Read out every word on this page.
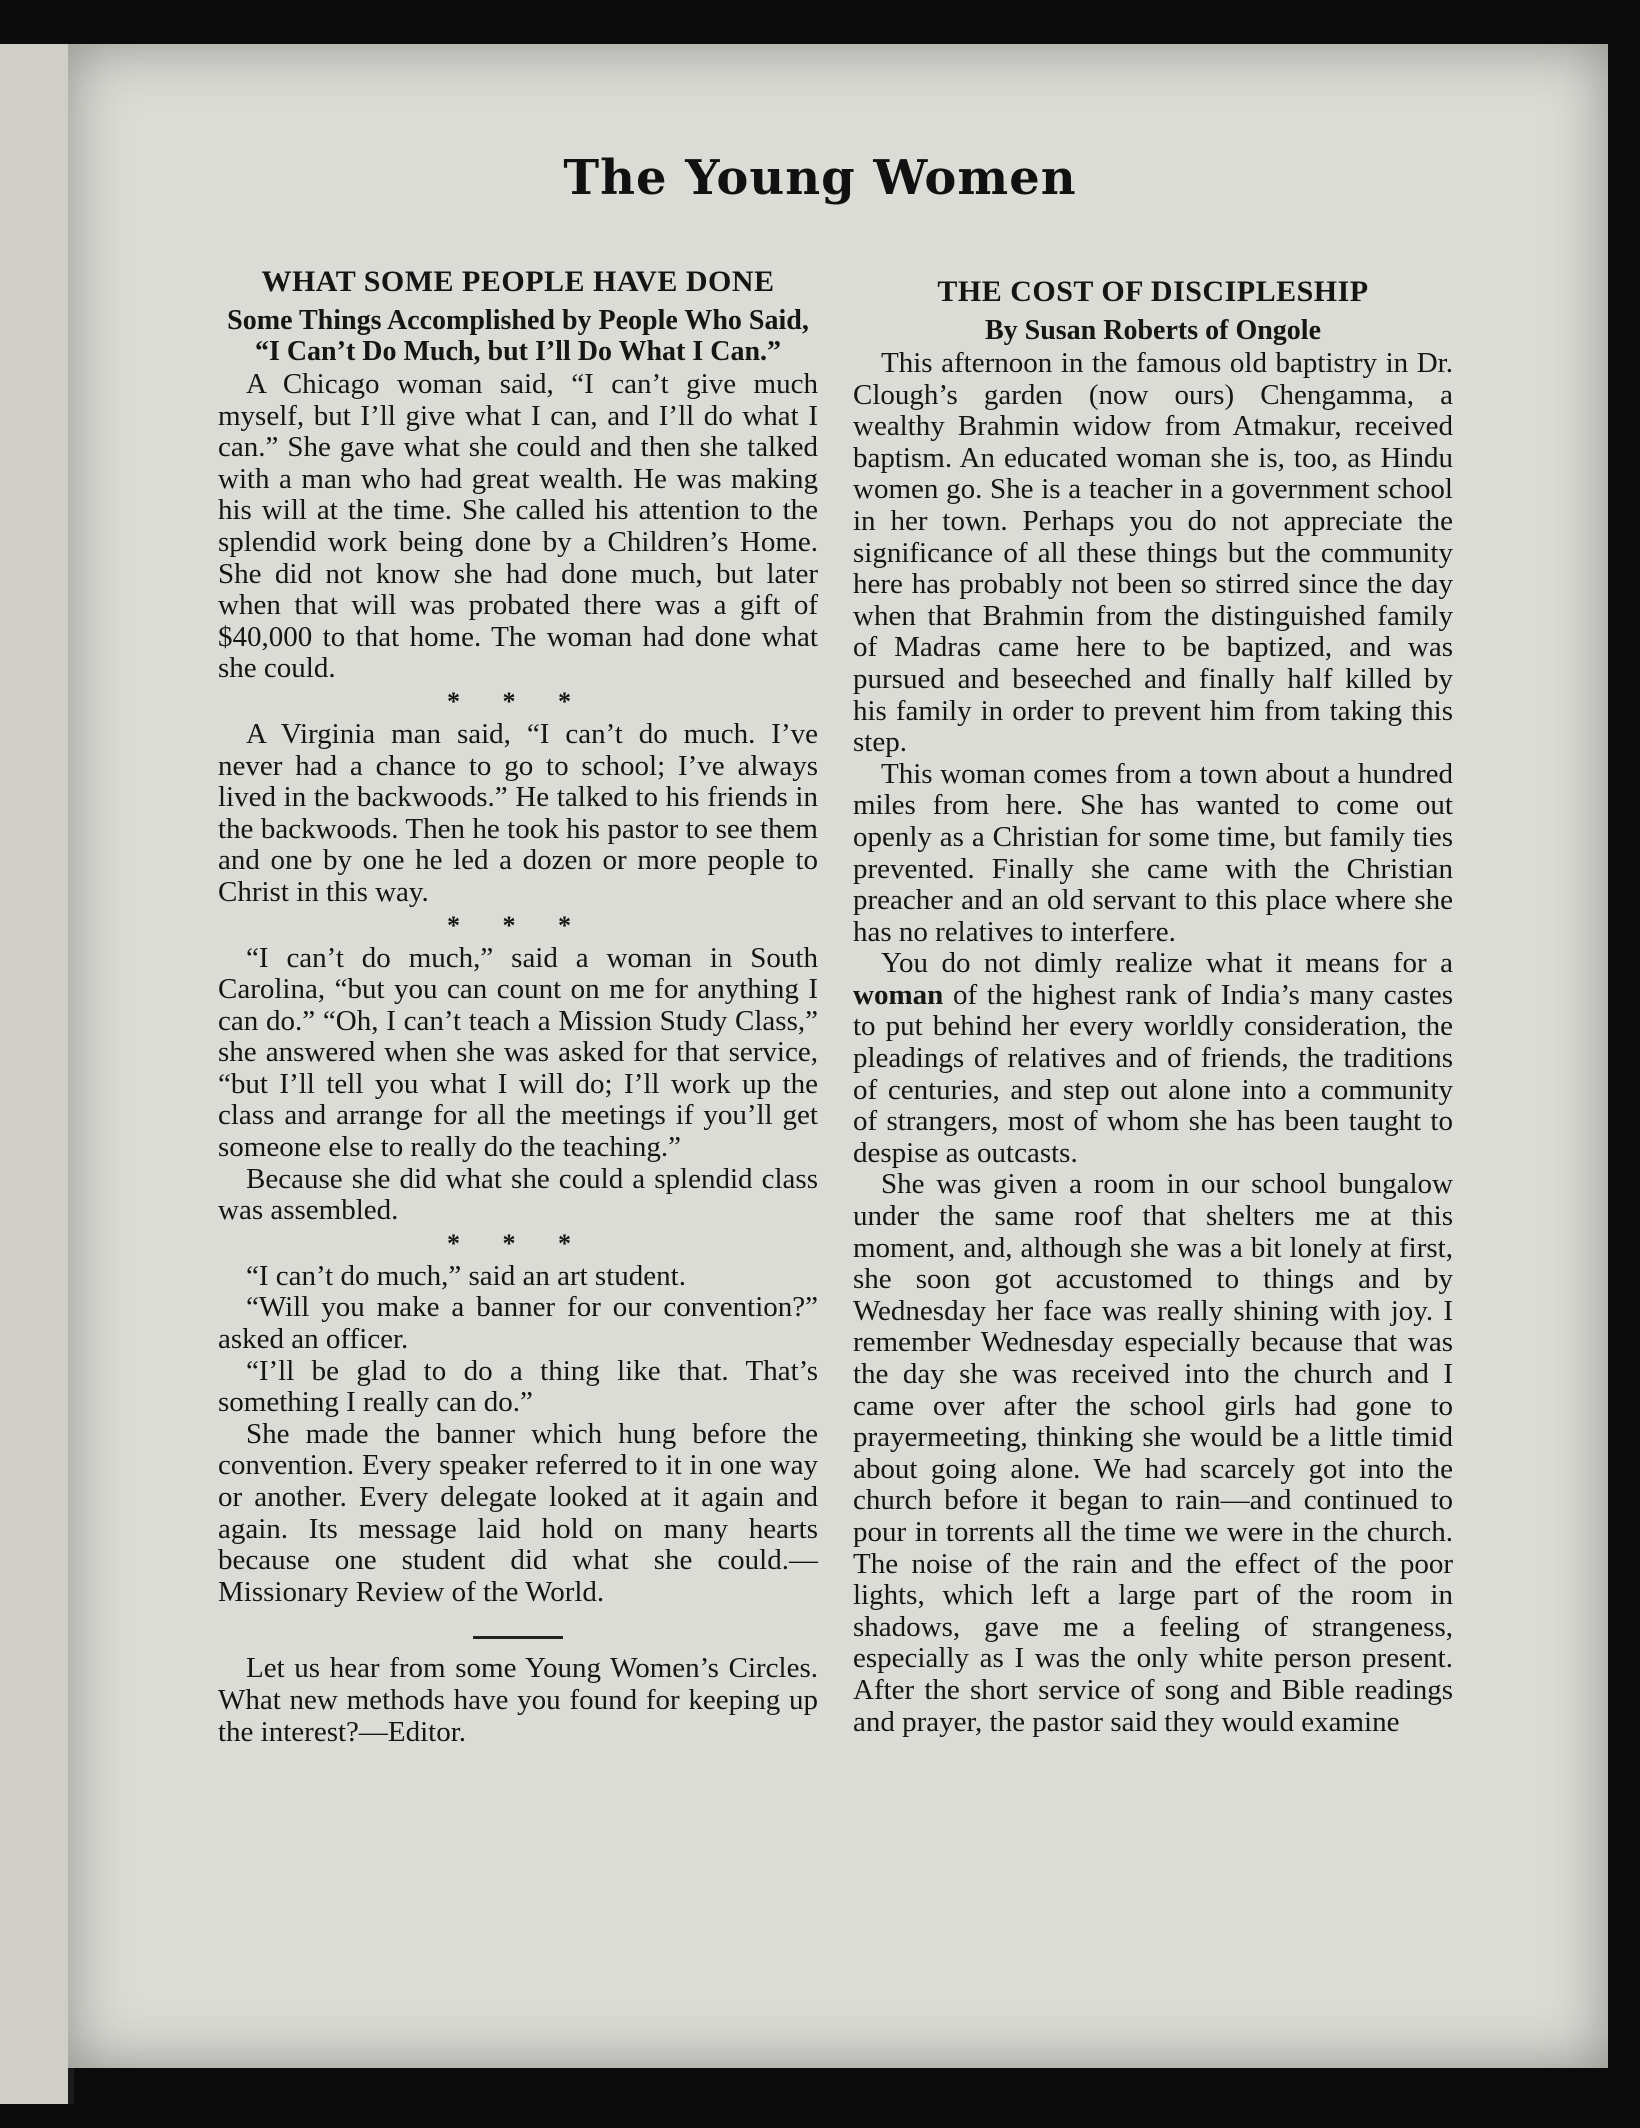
The Young Women
WHAT SOME PEOPLE HAVE DONE
Some Things Accomplished by People Who Said, “I Can’t Do Much, but I’ll Do What I Can.”

A Chicago woman said, “I can’t give much myself, but I’ll give what I can, and I’ll do what I can.” She gave what she could and then she talked with a man who had great wealth. He was making his will at the time. She called his attention to the splendid work being done by a Children’s Home. She did not know she had done much, but later when that will was probated there was a gift of $40,000 to that home. The woman had done what she could.

* * *

A Virginia man said, “I can’t do much. I’ve never had a chance to go to school; I’ve always lived in the backwoods.” He talked to his friends in the backwoods. Then he took his pastor to see them and one by one he led a dozen or more people to Christ in this way.

* * *

“I can’t do much,” said a woman in South Carolina, “but you can count on me for anything I can do.” “Oh, I can’t teach a Mission Study Class,” she answered when she was asked for that service, “but I’ll tell you what I will do; I’ll work up the class and arrange for all the meetings if you’ll get someone else to really do the teaching.”

Because she did what she could a splendid class was assembled.

* * *

“I can’t do much,” said an art student.

“Will you make a banner for our convention?” asked an officer.

“I’ll be glad to do a thing like that. That’s something I really can do.”

She made the banner which hung before the convention. Every speaker referred to it in one way or another. Every delegate looked at it again and again. Its message laid hold on many hearts because one student did what she could.—Missionary Review of the World.

Let us hear from some Young Women’s Circles. What new methods have you found for keeping up the interest?—Editor.

THE COST OF DISCIPLESHIP
By Susan Roberts of Ongole

This afternoon in the famous old baptistry in Dr. Clough’s garden (now ours) Chengamma, a wealthy Brahmin widow from Atmakur, received baptism. An educated woman she is, too, as Hindu women go. She is a teacher in a government school in her town. Perhaps you do not appreciate the significance of all these things but the community here has probably not been so stirred since the day when that Brahmin from the distinguished family of Madras came here to be baptized, and was pursued and beseeched and finally half killed by his family in order to prevent him from taking this step.

This woman comes from a town about a hundred miles from here. She has wanted to come out openly as a Christian for some time, but family ties prevented. Finally she came with the Christian preacher and an old servant to this place where she has no relatives to interfere.

You do not dimly realize what it means for a woman of the highest rank of India’s many castes to put behind her every worldly consideration, the pleadings of relatives and of friends, the traditions of centuries, and step out alone into a community of strangers, most of whom she has been taught to despise as outcasts.

She was given a room in our school bungalow under the same roof that shelters me at this moment, and, although she was a bit lonely at first, she soon got accustomed to things and by Wednesday her face was really shining with joy. I remember Wednesday especially because that was the day she was received into the church and I came over after the school girls had gone to prayermeeting, thinking she would be a little timid about going alone. We had scarcely got into the church before it began to rain—and continued to pour in torrents all the time we were in the church. The noise of the rain and the effect of the poor lights, which left a large part of the room in shadows, gave me a feeling of strangeness, especially as I was the only white person present. After the short service of song and Bible readings and prayer, the pastor said they would examine
